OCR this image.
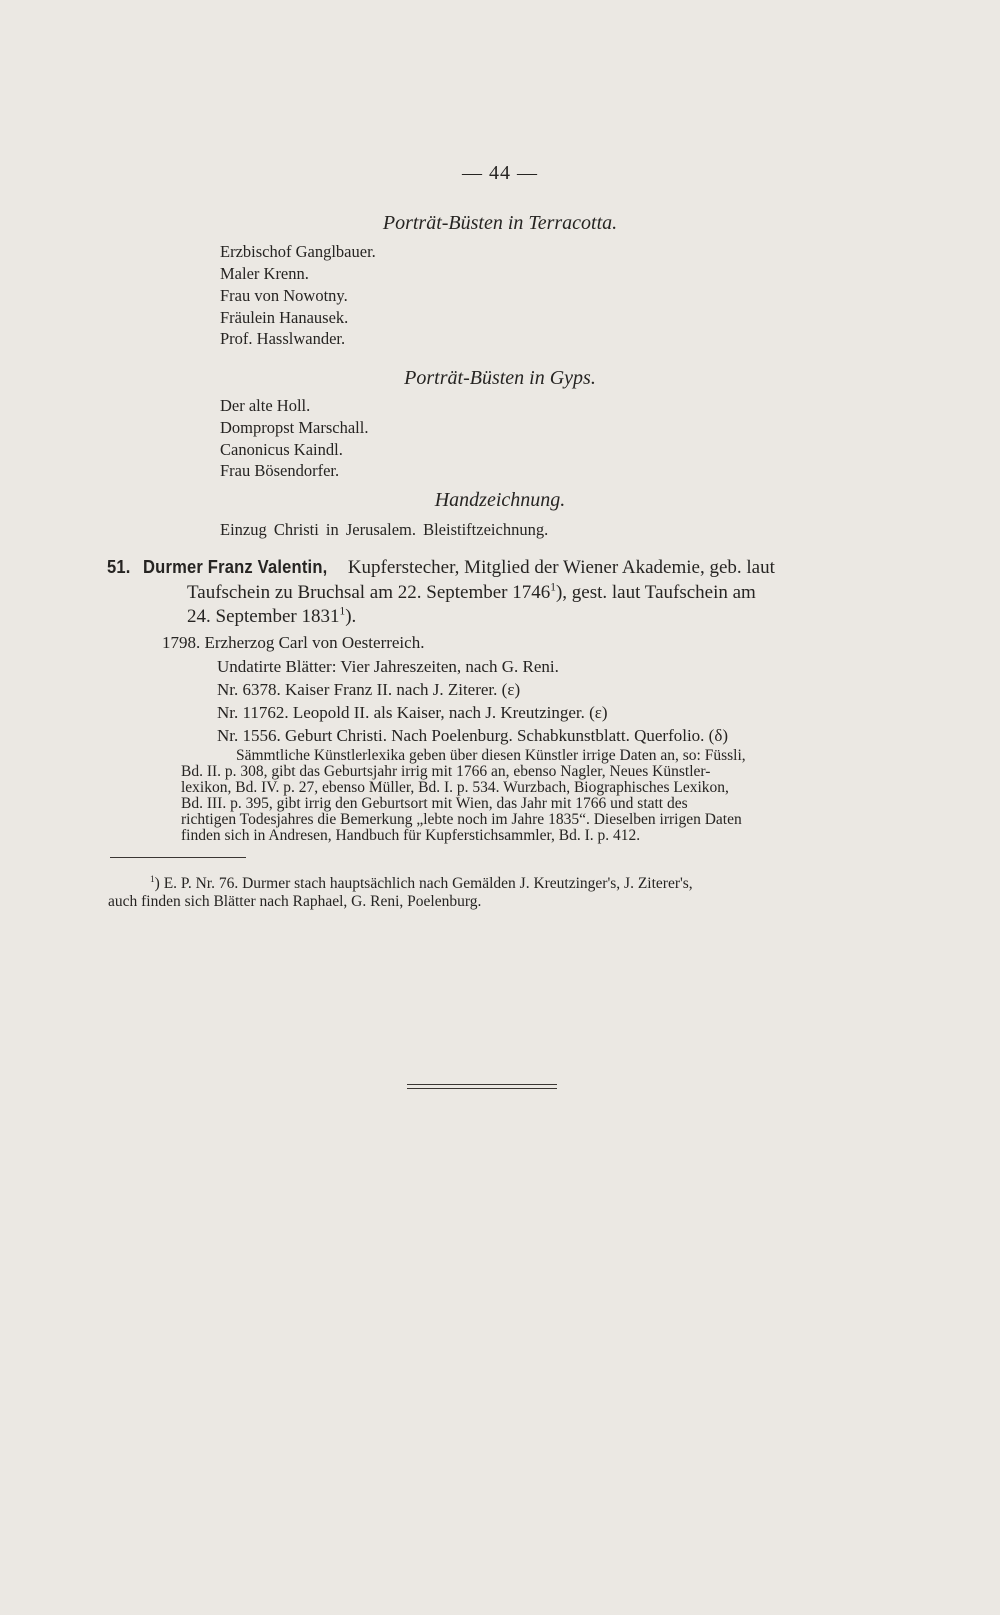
— 44 —
Porträt-Büsten in Terracotta.
Erzbischof Ganglbauer.
Maler Krenn.
Frau von Nowotny.
Fräulein Hanausek.
Prof. Hasslwander.
Porträt-Büsten in Gyps.
Der alte Holl.
Dompropst Marschall.
Canonicus Kaindl.
Frau Bösendorfer.
Handzeichnung.
Einzug Christi in Jerusalem. Bleistiftzeichnung.
51. Durmer Franz Valentin, Kupferstecher, Mitglied der Wiener Akademie, geb. laut
Taufschein zu Bruchsal am 22. September 1746$^1$), gest. laut Taufschein am
24. September 1831$^1$).
1798. Erzherzog Carl von Oesterreich.
Undatirte Blätter: Vier Jahreszeiten, nach G. Reni.
Nr. 6378. Kaiser Franz II. nach J. Ziterer. (ε)
Nr. 11762. Leopold II. als Kaiser, nach J. Kreutzinger. (ε)
Nr. 1556. Geburt Christi. Nach Poelenburg. Schabkunstblatt. Querfolio. (δ)
Sämmtliche Künstlerlexika geben über diesen Künstler irrige Daten an, so: Füssli,
Bd. II. p. 308, gibt das Geburtsjahr irrig mit 1766 an, ebenso Nagler, Neues Künstler-
lexikon, Bd. IV. p. 27, ebenso Müller, Bd. I. p. 534. Wurzbach, Biographisches Lexikon,
Bd. III. p. 395, gibt irrig den Geburtsort mit Wien, das Jahr mit 1766 und statt des
richtigen Todesjahres die Bemerkung „lebte noch im Jahre 1835“. Dieselben irrigen Daten
finden sich in Andresen, Handbuch für Kupferstichsammler, Bd. I. p. 412.
$^1$) E. P. Nr. 76. Durmer stach hauptsächlich nach Gemälden J. Kreutzinger's, J. Ziterer's,
auch finden sich Blätter nach Raphael, G. Reni, Poelenburg.
